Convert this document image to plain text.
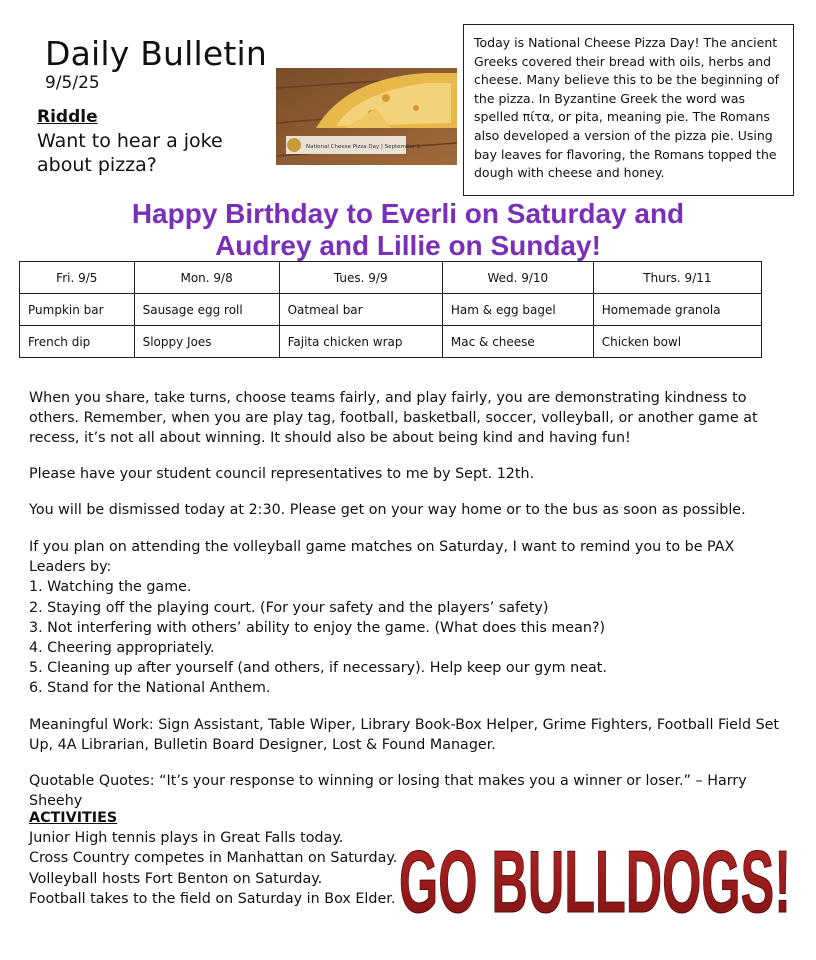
Daily Bulletin
9/5/25
Riddle
Want to hear a joke about pizza?
National Cheese Pizza Day | September 5
Today is National Cheese Pizza Day! The ancient Greeks covered their bread with oils, herbs and cheese. Many believe this to be the beginning of the pizza. In Byzantine Greek the word was spelled πίτα, or pita, meaning pie. The Romans also developed a version of the pizza pie. Using bay leaves for flavoring, the Romans topped the dough with cheese and honey.
Happy Birthday to Everli on Saturday and
Audrey and Lillie on Sunday!
Fri. 9/5	Mon. 9/8	Tues. 9/9	Wed. 9/10	Thurs. 9/11
Pumpkin bar	Sausage egg roll	Oatmeal bar	Ham & egg bagel	Homemade granola
French dip	Sloppy Joes	Fajita chicken wrap	Mac & cheese	Chicken bowl
When you share, take turns, choose teams fairly, and play fairly, you are demonstrating kindness to others. Remember, when you are play tag, football, basketball, soccer, volleyball, or another game at recess, it’s not all about winning. It should also be about being kind and having fun!
Please have your student council representatives to me by Sept. 12th.
You will be dismissed today at 2:30. Please get on your way home or to the bus as soon as possible.
If you plan on attending the volleyball game matches on Saturday, I want to remind you to be PAX Leaders by:
1. Watching the game.
2. Staying off the playing court. (For your safety and the players’ safety)
3. Not interfering with others’ ability to enjoy the game. (What does this mean?)
4. Cheering appropriately.
5. Cleaning up after yourself (and others, if necessary). Help keep our gym neat.
6. Stand for the National Anthem.
Meaningful Work: Sign Assistant, Table Wiper, Library Book-Box Helper, Grime Fighters, Football Field Set Up, 4A Librarian, Bulletin Board Designer, Lost & Found Manager.
Quotable Quotes: “It’s your response to winning or losing that makes you a winner or loser.” – Harry Sheehy
ACTIVITIES
Junior High tennis plays in Great Falls today.
Cross Country competes in Manhattan on Saturday.
Volleyball hosts Fort Benton on Saturday.
Football takes to the field on Saturday in Box Elder. GO BULLDOGS!
